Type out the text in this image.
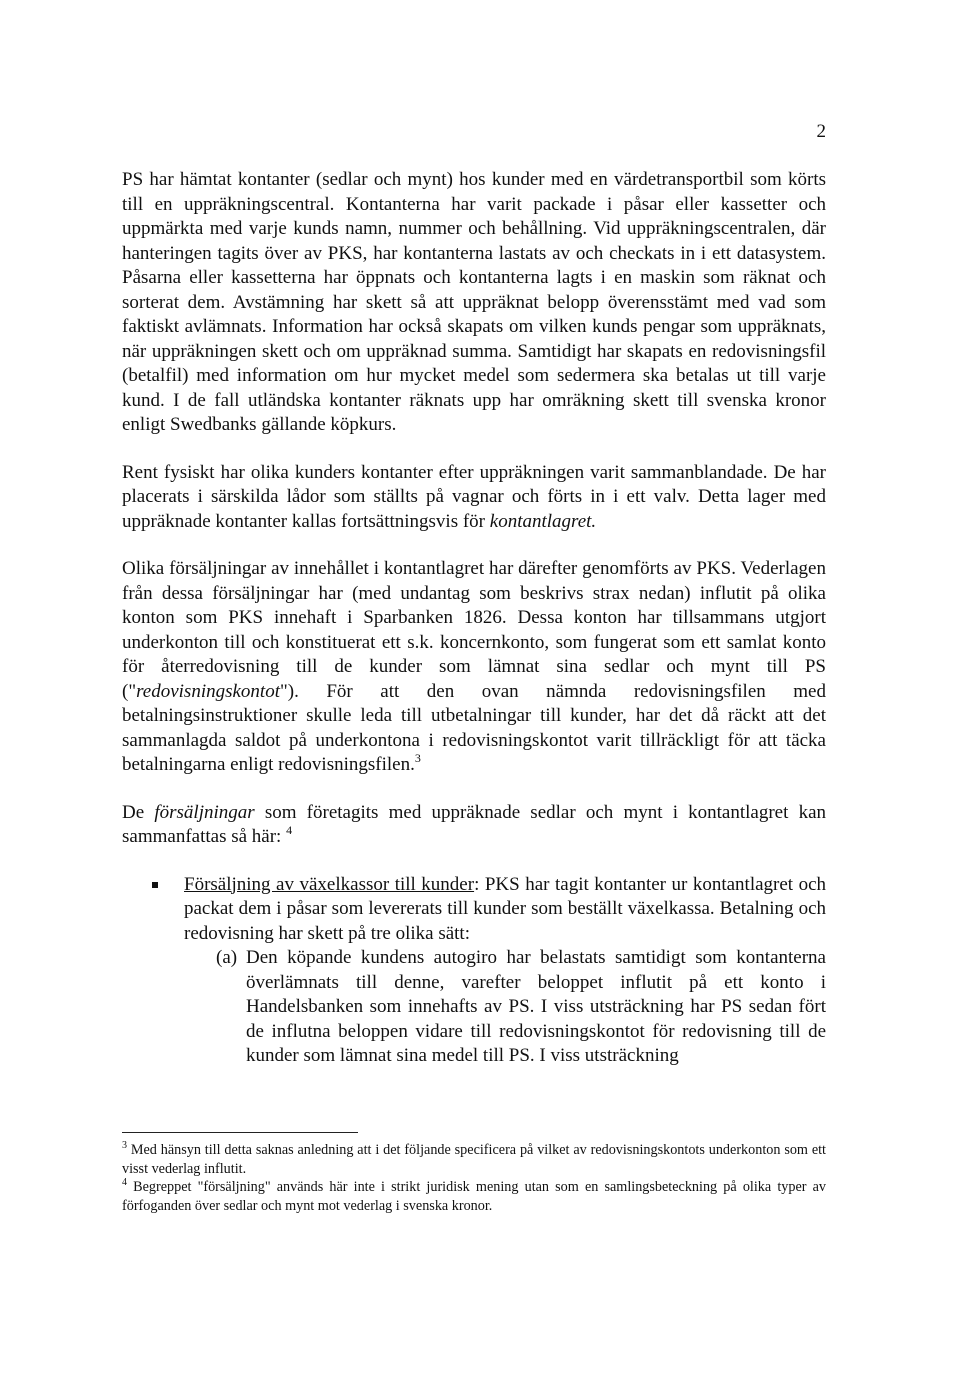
2

PS har hämtat kontanter (sedlar och mynt) hos kunder med en värdetransportbil som körts till en uppräkningscentral. Kontanterna har varit packade i påsar eller kassetter och uppmärkta med varje kunds namn, nummer och behållning. Vid uppräkningscentralen, där hanteringen tagits över av PKS, har kontanterna lastats av och checkats in i ett datasystem. Påsarna eller kassetterna har öppnats och kontanterna lagts i en maskin som räknat och sorterat dem. Avstämning har skett så att uppräknat belopp överensstämt med vad som faktiskt avlämnats. Information har också skapats om vilken kunds pengar som uppräknats, när uppräkningen skett och om uppräknad summa. Samtidigt har skapats en redovisningsfil (betalfil) med information om hur mycket medel som sedermera ska betalas ut till varje kund. I de fall utländska kontanter räknats upp har omräkning skett till svenska kronor enligt Swedbanks gällande köpkurs.

Rent fysiskt har olika kunders kontanter efter uppräkningen varit sammanblandade. De har placerats i särskilda lådor som ställts på vagnar och förts in i ett valv. Detta lager med uppräknade kontanter kallas fortsättningsvis för kontantlagret.

Olika försäljningar av innehållet i kontantlagret har därefter genomförts av PKS. Vederlagen från dessa försäljningar har (med undantag som beskrivs strax nedan) influtit på olika konton som PKS innehaft i Sparbanken 1826. Dessa konton har tillsammans utgjort underkonton till och konstituerat ett s.k. koncernkonto, som fungerat som ett samlat konto för återredovisning till de kunder som lämnat sina sedlar och mynt till PS ("redovisningskontot"). För att den ovan nämnda redovisningsfilen med betalningsinstruktioner skulle leda till utbetalningar till kunder, har det då räckt att det sammanlagda saldot på underkontona i redovisningskontot varit tillräckligt för att täcka betalningarna enligt redovisningsfilen.$^3$

De försäljningar som företagits med uppräknade sedlar och mynt i kontantlagret kan sammanfattas så här: $^4$

Försäljning av växelkassor till kunder: PKS har tagit kontanter ur kontantlagret och packat dem i påsar som levererats till kunder som beställt växelkassa. Betalning och redovisning har skett på tre olika sätt:
(a) Den köpande kundens autogiro har belastats samtidigt som kontanterna överlämnats till denne, varefter beloppet influtit på ett konto i Handelsbanken som innehafts av PS. I viss utsträckning har PS sedan fört de influtna beloppen vidare till redovisningskontot för redovisning till de kunder som lämnat sina medel till PS. I viss utsträckning

$^3$ Med hänsyn till detta saknas anledning att i det följande specificera på vilket av redovisningskontots underkonton som ett visst vederlag influtit.

$^4$ Begreppet "försäljning" används här inte i strikt juridisk mening utan som en samlingsbeteckning på olika typer av förfoganden över sedlar och mynt mot vederlag i svenska kronor.
